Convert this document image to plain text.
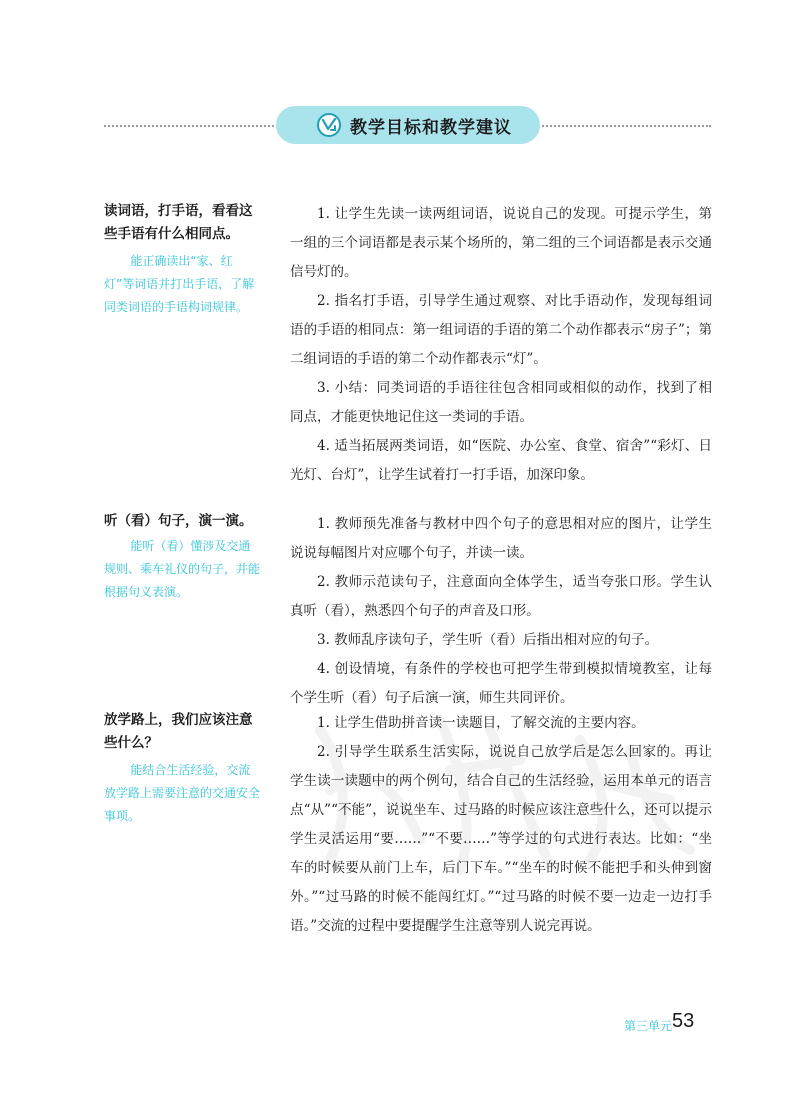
教学目标和教学建议
读词语，打手语，看看这些手语有什么相同点。
能正确读出“家、红灯”等词语并打出手语，了解同类词语的手语构词规律。

1. 让学生先读一读两组词语，说说自己的发现。可提示学生，第一组的三个词语都是表示某个场所的，第二组的三个词语都是表示交通信号灯的。

2. 指名打手语，引导学生通过观察、对比手语动作，发现每组词语的手语的相同点：第一组词语的手语的第二个动作都表示“房子”；第二组词语的手语的第二个动作都表示“灯”。

3. 小结：同类词语的手语往往包含相同或相似的动作，找到了相同点，才能更快地记住这一类词的手语。

4. 适当拓展两类词语，如“医院、办公室、食堂、宿舍”“彩灯、日光灯、台灯”，让学生试着打一打手语，加深印象。

听（看）句子，演一演。
能听（看）懂涉及交通规则、乘车礼仪的句子，并能根据句义表演。

1. 教师预先准备与教材中四个句子的意思相对应的图片，让学生说说每幅图片对应哪个句子，并读一读。

2. 教师示范读句子，注意面向全体学生，适当夸张口形。学生认真听（看），熟悉四个句子的声音及口形。

3. 教师乱序读句子，学生听（看）后指出相对应的句子。

4. 创设情境，有条件的学校也可把学生带到模拟情境教室，让每个学生听（看）句子后演一演，师生共同评价。

放学路上，我们应该注意些什么？
能结合生活经验，交流放学路上需要注意的交通安全事项。

1. 让学生借助拼音读一读题目，了解交流的主要内容。

2. 引导学生联系生活实际，说说自己放学后是怎么回家的。再让学生读一读题中的两个例句，结合自己的生活经验，运用本单元的语言点“从”“不能”，说说坐车、过马路的时候应该注意些什么，还可以提示学生灵活运用“要……”“不要……”等学过的句式进行表达。比如：“坐车的时候要从前门上车，后门下车。”“坐车的时候不能把手和头伸到窗外。”“过马路的时候不能闯红灯。”“过马路的时候不要一边走一边打手语。”交流的过程中要提醒学生注意等别人说完再说。

第三单元 53
